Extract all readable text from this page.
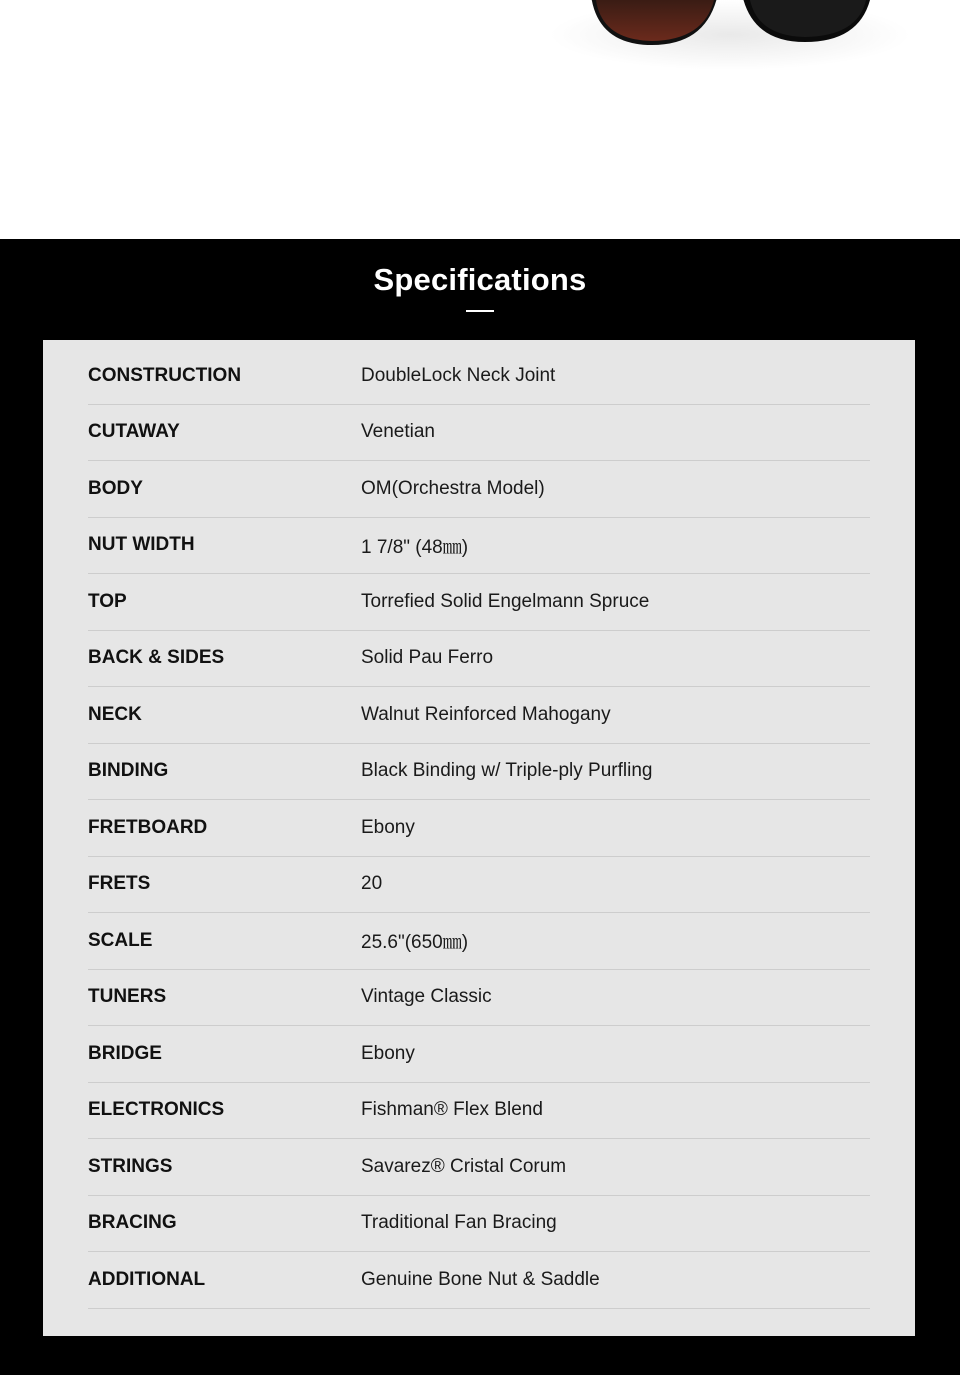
Specifications
CONSTRUCTION	DoubleLock Neck Joint
CUTAWAY	Venetian
BODY	OM(Orchestra Model)
NUT WIDTH	1 7/8" (48㎜)
TOP	Torrefied Solid Engelmann Spruce
BACK & SIDES	Solid Pau Ferro
NECK	Walnut Reinforced Mahogany
BINDING	Black Binding w/ Triple-ply Purfling
FRETBOARD	Ebony
FRETS	20
SCALE	25.6"(650㎜)
TUNERS	Vintage Classic
BRIDGE	Ebony
ELECTRONICS	Fishman® Flex Blend
STRINGS	Savarez® Cristal Corum
BRACING	Traditional Fan Bracing
ADDITIONAL	Genuine Bone Nut & Saddle
